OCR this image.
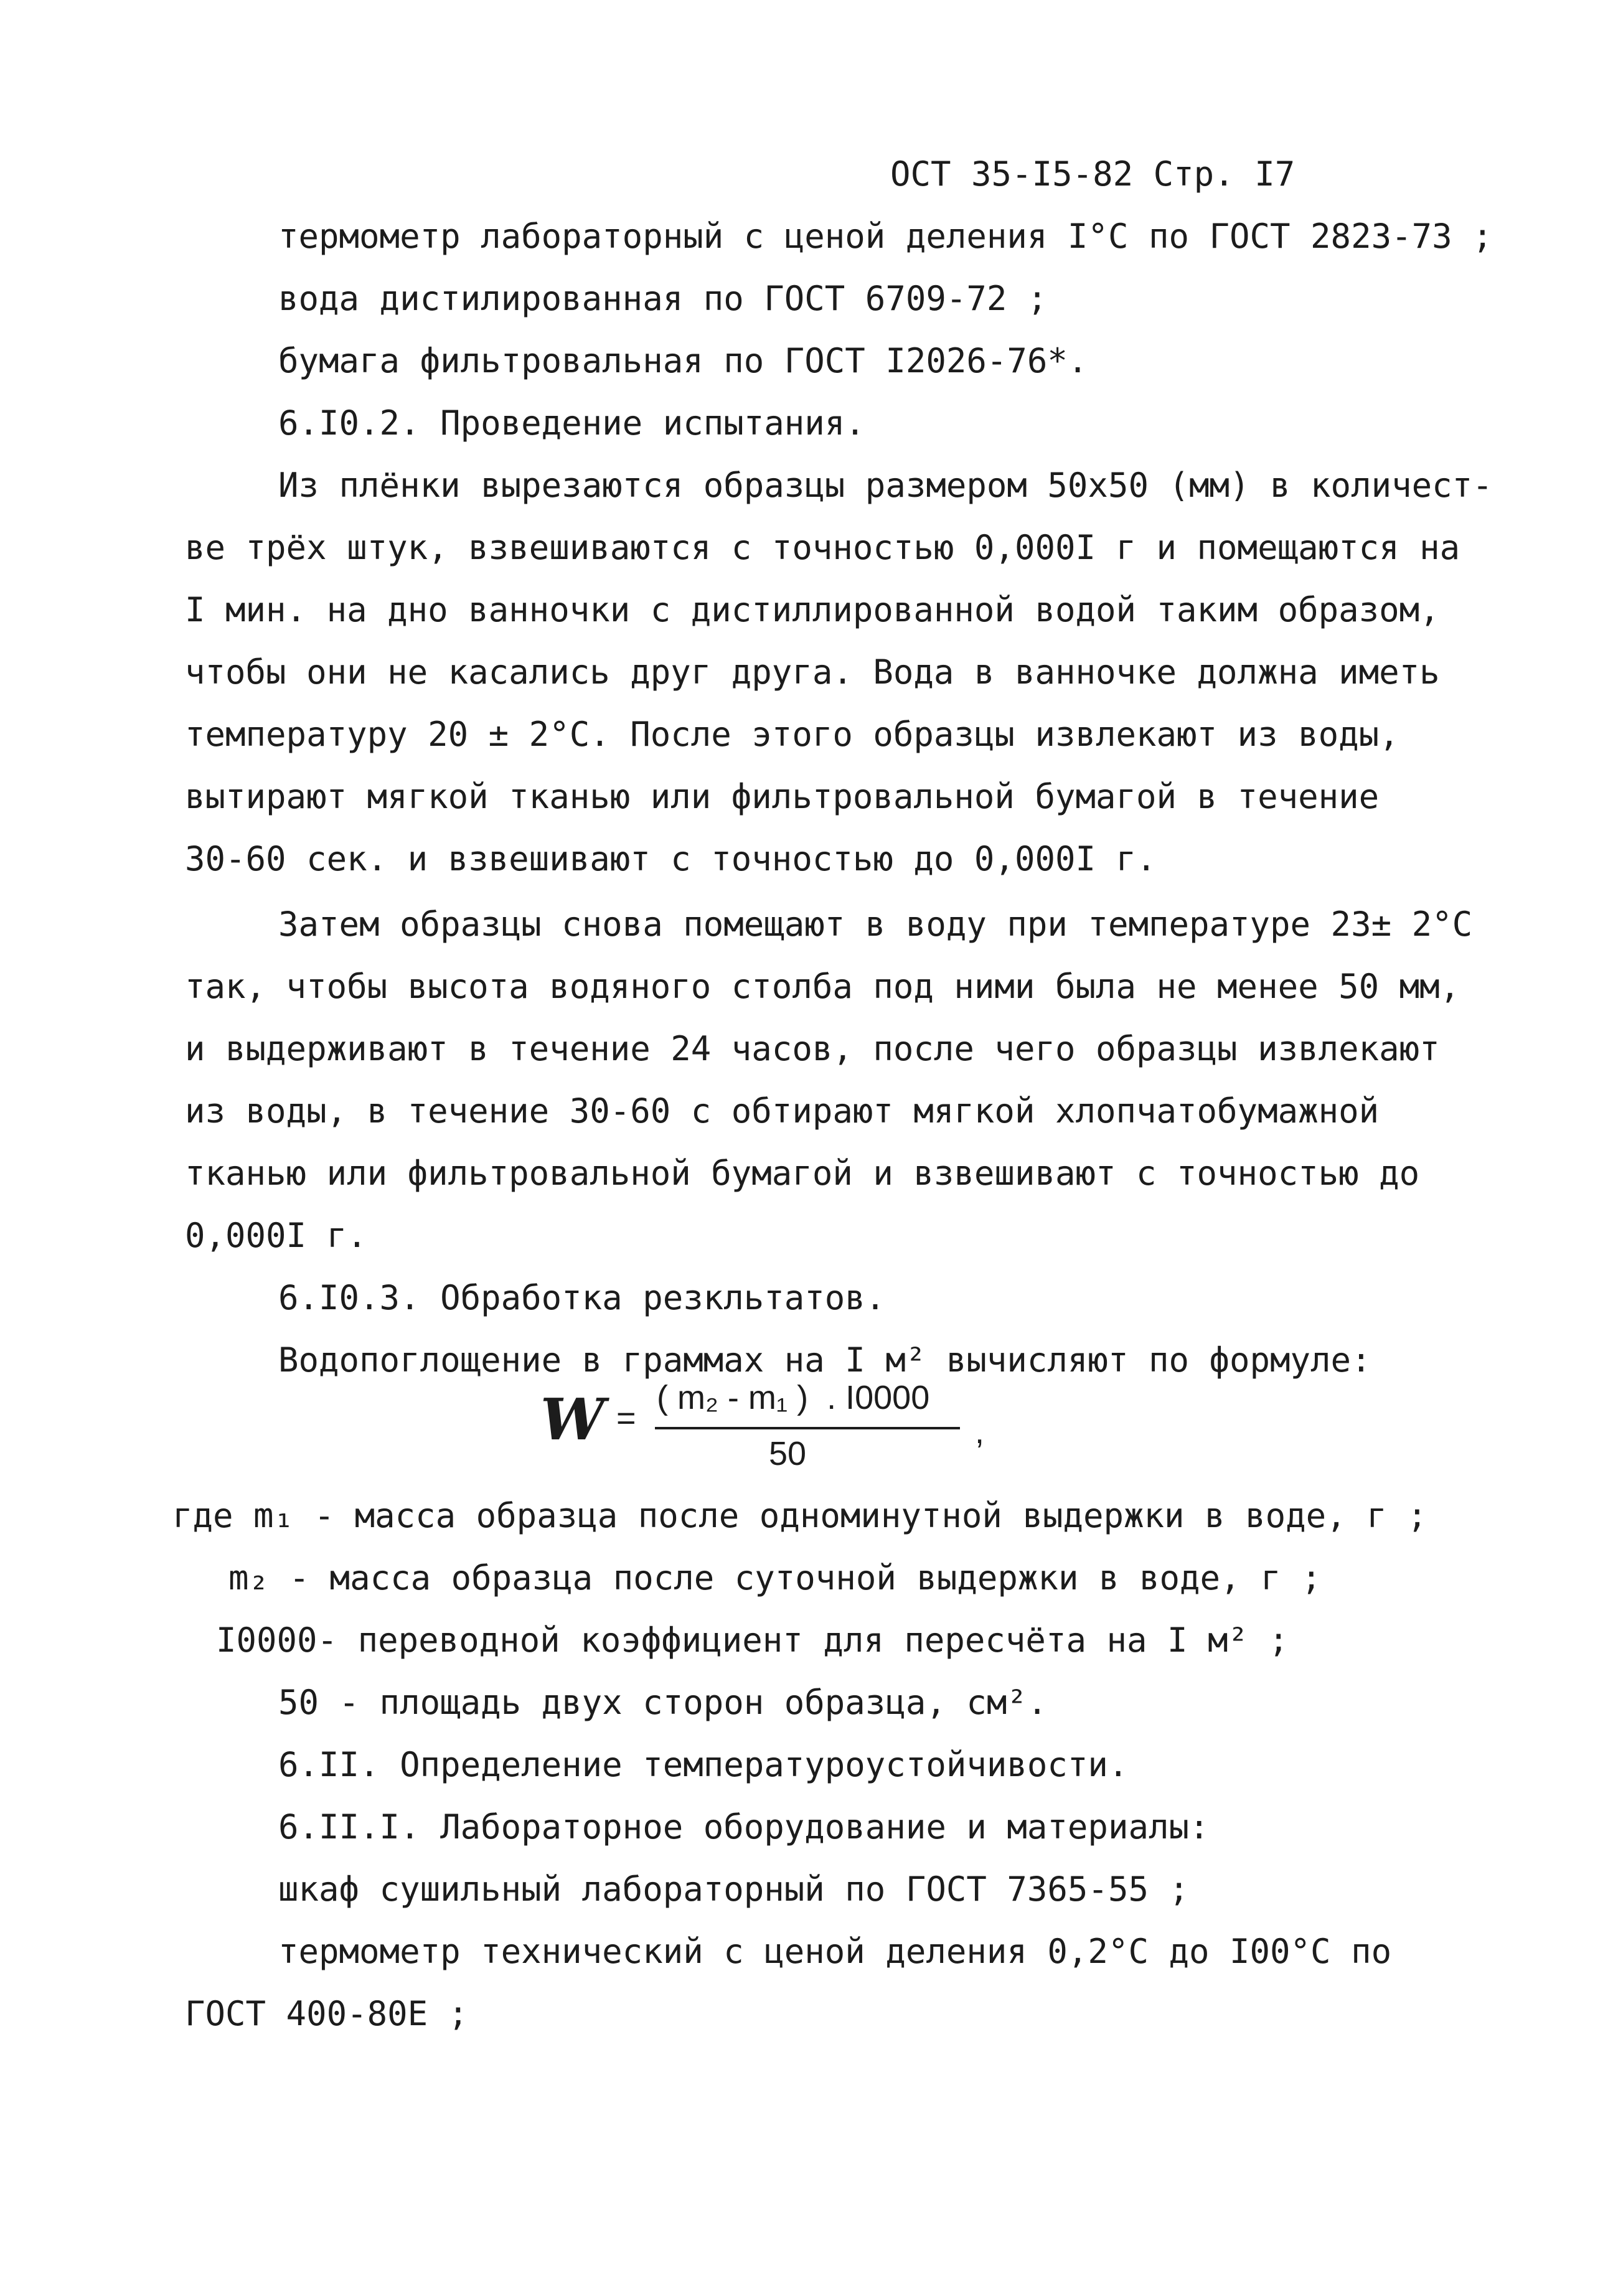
ОСТ 35-I5-82 Стр. I7
термометр лабораторный с ценой деления I°С по ГОСТ 2823-73 ;
вода дистилированная по ГОСТ 6709-72 ;
бумага фильтровальная по ГОСТ I2026-76*.
6.I0.2. Проведение испытания.
Из плёнки вырезаются образцы размером 50х50 (мм) в количест-
ве трёх штук, взвешиваются с точностью 0,000I г и помещаются на
I мин. на дно ванночки с дистиллированной водой таким образом,
чтобы они не касались друг друга. Вода в ванночке должна иметь
температуру 20 ± 2°С. После этого образцы извлекают из воды,
вытирают мягкой тканью или фильтровальной бумагой в течение
30-60 сек. и взвешивают с точностью до 0,000I г.
Затем образцы снова помещают в воду при температуре 23± 2°С
так, чтобы высота водяного столба под ними была не менее 50 мм,
и выдерживают в течение 24 часов, после чего образцы извлекают
из воды, в течение 30-60 с обтирают мягкой хлопчатобумажной
тканью или фильтровальной бумагой и взвешивают с точностью до
0,000I г.
6.I0.3. Обработка резкльтатов.
Водопоглощение в граммах на I м² вычисляют по формуле:
W =
( m₂ - m₁ )  . I0000
50
,
где m₁ - масса образца после одноминутной выдержки в воде, г ;
m₂ - масса образца после суточной выдержки в воде, г ;
I0000- переводной коэффициент для пересчёта на I м² ;
50 - площадь двух сторон образца, см².
6.II. Определение температуроустойчивости.
6.II.I. Лабораторное оборудование и материалы:
шкаф сушильный лабораторный по ГОСТ 7365-55 ;
термометр технический с ценой деления 0,2°С до I00°С по
ГОСТ 400-80Е ;
